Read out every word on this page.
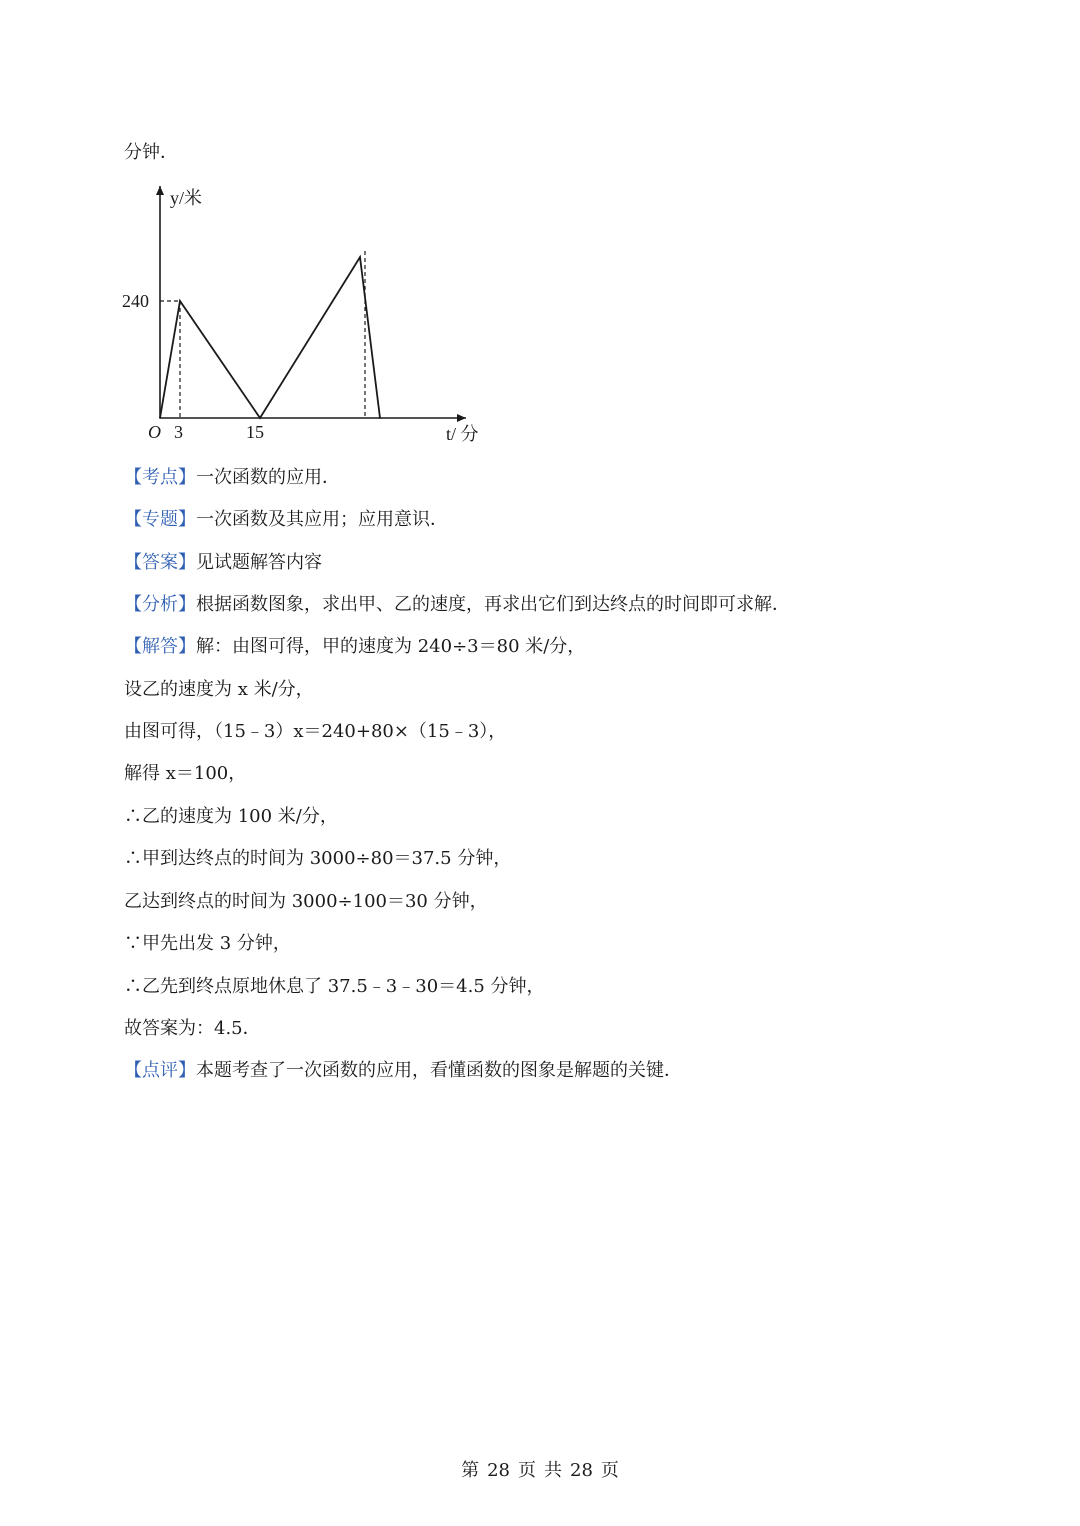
分钟．
y/米
240
O 3	15	t/ 分
【考点】一次函数的应用．
【专题】一次函数及其应用；应用意识．
【答案】见试题解答内容
【分析】根据函数图象，求出甲、乙的速度，再求出它们到达终点的时间即可求解．
【解答】解：由图可得，甲的速度为 240÷3＝80 米/分，
设乙的速度为 x 米/分，
由图可得，（15﹣3）x＝240+80×（15﹣3），
解得 x＝100，
∴乙的速度为 100 米/分，
∴甲到达终点的时间为 3000÷80＝37.5 分钟，
乙达到终点的时间为 3000÷100＝30 分钟，
∵甲先出发 3 分钟，
∴乙先到终点原地休息了 37.5﹣3﹣30＝4.5 分钟，
故答案为：4.5．
【点评】本题考查了一次函数的应用，看懂函数的图象是解题的关键．
第 28 页 共 28 页
